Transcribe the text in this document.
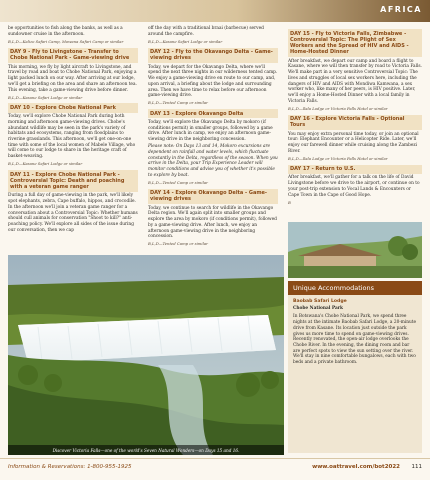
AFRICA
be opportunities to fish along the banks, as well as a sundowner cruise in the afternoon.
B,L,D—Kalizo Safari Camp, Mowana Safari Camp or similar
DAY 9 - Fly to Livingstone - Transfer to Chobe National Park - Game-viewing drive
This morning, we fly by light aircraft to Livingstone, and travel by road and boat to Chobe National Park, enjoying a light packed lunch on our way. After arriving at our lodge, we'll get a briefing on the area and share an afternoon tea. This evening, take a game-viewing drive before dinner.
B,L,D—Kasane Safari Lodge or similar
DAY 10 - Explore Chobe National Park
Today, we'll explore Chobe National Park during both morning and afternoon game-viewing drives. Chobe's abundant wildlife may be seen in the park's variety of habitats and ecosystems, ranging from floodplains to riverine grasslands. This afternoon, we'll get one-on-one time with some of the local women of Mabele Village, who will come to our lodge to share in the heritage craft of basket-weaving.
B,L,D—Kasane Safari Lodge or similar
DAY 11 - Explore Chobe National Park - Controversial Topic: Death and poaching with a veteran game ranger
During a full day of game-viewing in the park, we'll likely spot elephants, zebra, Cape buffalo, hippos, and crocodile. In the afternoon we'll join a veteran game ranger for a conversation about a Controversial Topic: Whether humans should cull animals for conservation "Shoot to kill?" anti-poaching policy. We'll explore all sides of the issue during our conversation, then we cap
off the day with a traditional braai (barbecue) served around the campfire.
B,L,D—Kasane Safari Lodge or similar
DAY 12 - Fly to the Okavango Delta - Game-viewing drives
Today, we depart for the Okavango Delta, where we'll spend the next three nights in our wilderness tented camp. We enjoy a game-viewing drive en route to our camp, and, upon arrival, a briefing about the lodge and surrounding area. Then we have time to relax before our afternoon game-viewing drive.
B,L,D—Tented Camp or similar
DAY 13 - Explore Okavango Delta
Today, we'll explore the Okavango Delta by mokoro (if conditions permit) in smaller groups, followed by a game drive. After lunch in camp, we enjoy an afternoon game-viewing drive in the neighboring concession.
Please note: On Days 13 and 14, Mokoro excursions are dependent on rainfall and water levels, which fluctuate constantly in the Delta, regardless of the season. When you arrive in the Delta, your Trip Experience Leader will monitor conditions and advise you of whether it's possible to explore by boat.
B,L,D—Tented Camp or similar
DAY 14 - Explore Okavango Delta - Game-viewing drives
Today, we continue to search for wildlife in the Okavango Delta region. We'll again split into smaller groups and explore the area by mokoro (if conditions permit), followed by a game-viewing drive. After lunch, we enjoy an afternoon game-viewing drive in the neighboring concession.
B,L,D—Tented Camp or similar
DAY 15 - Fly to Victoria Falls, Zimbabwe - Controversial Topic: The Plight of Sex Workers and the Spread of HIV and AIDS - Home-Hosted Dinner
After breakfast, we depart our camp and board a flight to Kasane, where we will then transfer by road to Victoria Falls. We'll make part in a very sensitive Controversial Topic: The lives and struggles of local sex workers here, including the dangers of HIV and AIDS with Mondiwa Kamwana, a sex worker who, like many of her peers, is HIV positive. Later, we'll enjoy a Home-Hosted Dinner with a local family in Victoria Falls.
B,L,D—Ilala Lodge or Victoria Falls Hotel or similar
DAY 16 - Explore Victoria Falls - Optional Tours
You may enjoy extra personal time today, or join an optional tour: Elephant Encounter or a Helicopter Ride. Later, we'll enjoy our farewell dinner while cruising along the Zambezi River.
B,L,D—Ilala Lodge or Victoria Falls Hotel or similar
DAY 17 - Return to U.S.
After breakfast, we'll gather for a talk on the life of David Livingstone before we drive to the airport, or continue on to your post-trip extension to Vocal Lands & Encounters or Cape Town in the Cape of Good Hope.
B
Discover Victoria Falls—one of the world's Seven Natural Wonders—on Days 15 and 16.
Unique Accommodations
Baobab Safari Lodge
Chobe National Park
In Botswana's Chobe National Park, we spend three nights at the intimate Baobab Safari Lodge, a 20-minute drive from Kasane. Its location just outside the park gives us more time to spend on game-viewing drives. Recently renovated, the open-air lodge overlooks the Chobe River. In the evening, the dining room and bar are perfect spots to view the sun setting over the river. We'll stay in nine comfortable bungalows, each with two beds and a private bathroom.
Information & Reservations: 1-800-955-1925	www.oattravel.com/bot2022 111
